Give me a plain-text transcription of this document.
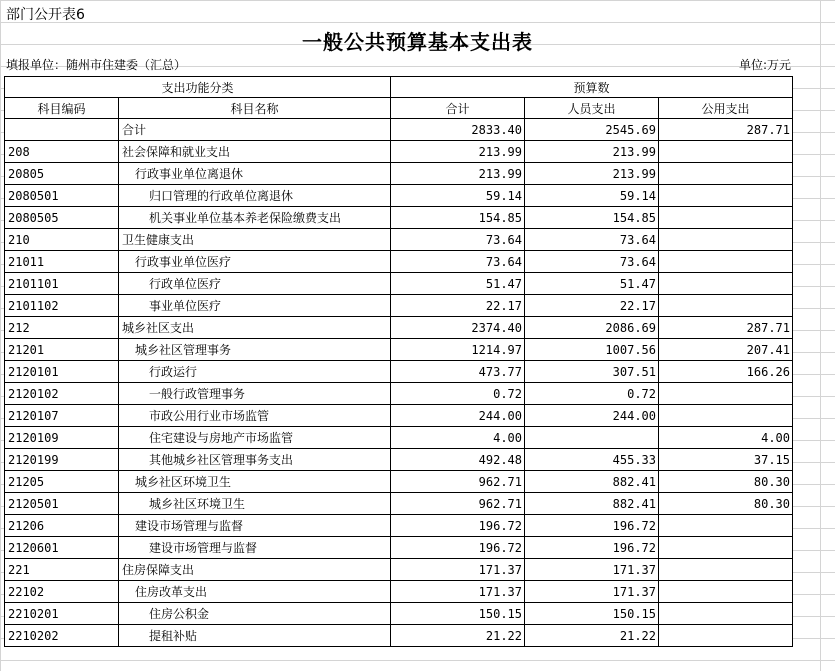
部门公开表6
一般公共预算基本支出表
填报单位：随州市住建委（汇总）	单位:万元
支出功能分类		预算数		
科目编码	科目名称	合计	人员支出	公用支出
	合计	2833.40	2545.69	287.71
208	社会保障和就业支出	213.99	213.99	
20805	行政事业单位离退休	213.99	213.99	
2080501	归口管理的行政单位离退休	59.14	59.14	
2080505	机关事业单位基本养老保险缴费支出	154.85	154.85	
210	卫生健康支出	73.64	73.64	
21011	行政事业单位医疗	73.64	73.64	
2101101	行政单位医疗	51.47	51.47	
2101102	事业单位医疗	22.17	22.17	
212	城乡社区支出	2374.40	2086.69	287.71
21201	城乡社区管理事务	1214.97	1007.56	207.41
2120101	行政运行	473.77	307.51	166.26
2120102	一般行政管理事务	0.72	0.72	
2120107	市政公用行业市场监管	244.00	244.00	
2120109	住宅建设与房地产市场监管	4.00		4.00
2120199	其他城乡社区管理事务支出	492.48	455.33	37.15
21205	城乡社区环境卫生	962.71	882.41	80.30
2120501	城乡社区环境卫生	962.71	882.41	80.30
21206	建设市场管理与监督	196.72	196.72	
2120601	建设市场管理与监督	196.72	196.72	
221	住房保障支出	171.37	171.37	
22102	住房改革支出	171.37	171.37	
2210201	住房公积金	150.15	150.15	
2210202	提租补贴	21.22	21.22	
